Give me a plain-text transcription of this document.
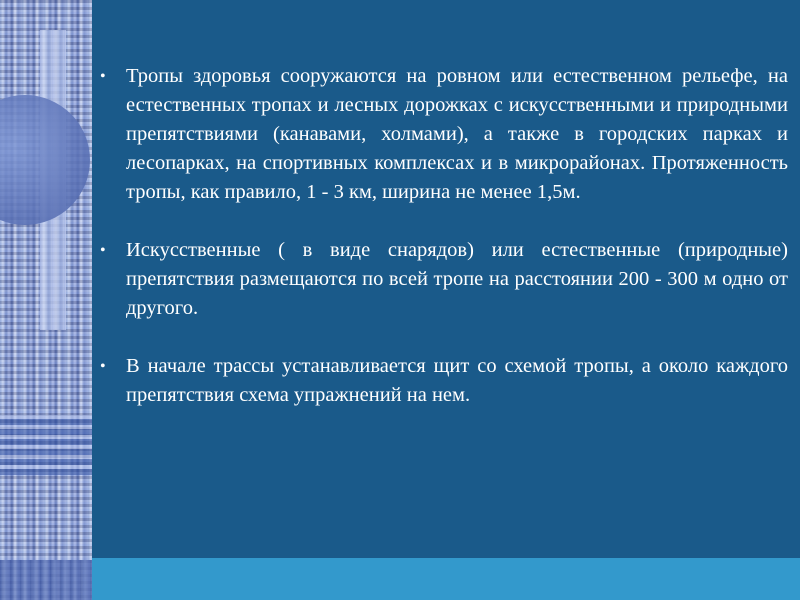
• Тропы здоровья сооружаются на ровном или естественном рельефе, на естественных тропах и лесных дорожках с искусственными и природными препятствиями (канавами, холмами), а также в городских парках и лесопарках, на спортивных комплексах и в микрорайонах. Протяженность тропы, как правило, 1 - 3 км, ширина не менее 1,5м.
• Искусственные ( в виде снарядов) или естественные (природные) препятствия размещаются по всей тропе на расстоянии 200 - 300 м одно от другого.
• В начале трассы устанавливается щит со схемой тропы, а около каждого препятствия схема упражнений на нем.
